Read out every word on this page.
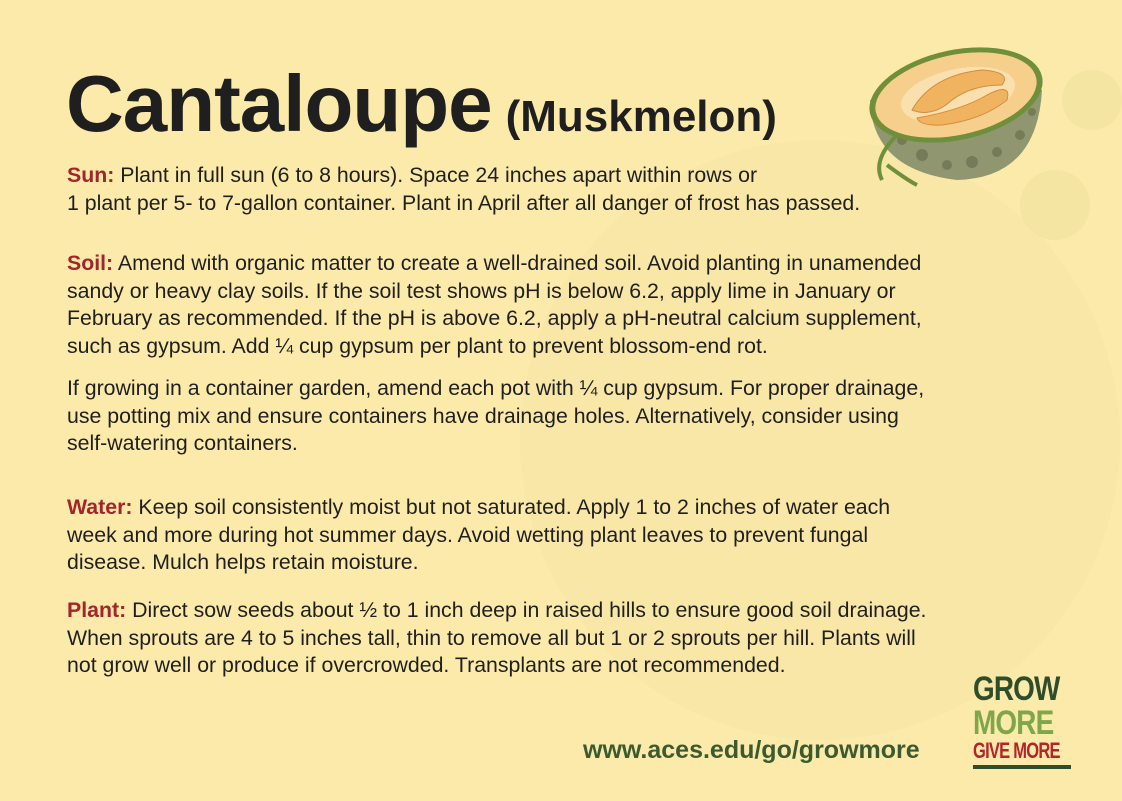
Cantaloupe (Muskmelon)
Sun: Plant in full sun (6 to 8 hours). Space 24 inches apart within rows or
1 plant per 5- to 7-gallon container. Plant in April after all danger of frost has passed.
Soil: Amend with organic matter to create a well-drained soil. Avoid planting in unamended
sandy or heavy clay soils. If the soil test shows pH is below 6.2, apply lime in January or
February as recommended. If the pH is above 6.2, apply a pH-neutral calcium supplement,
such as gypsum. Add ¼ cup gypsum per plant to prevent blossom-end rot.
If growing in a container garden, amend each pot with ¼ cup gypsum. For proper drainage,
use potting mix and ensure containers have drainage holes. Alternatively, consider using
self-watering containers.
Water: Keep soil consistently moist but not saturated. Apply 1 to 2 inches of water each
week and more during hot summer days. Avoid wetting plant leaves to prevent fungal
disease. Mulch helps retain moisture.
Plant: Direct sow seeds about ½ to 1 inch deep in raised hills to ensure good soil drainage.
When sprouts are 4 to 5 inches tall, thin to remove all but 1 or 2 sprouts per hill. Plants will
not grow well or produce if overcrowded. Transplants are not recommended.
www.aces.edu/go/growmore
GROW
MORE
GIVE MORE
